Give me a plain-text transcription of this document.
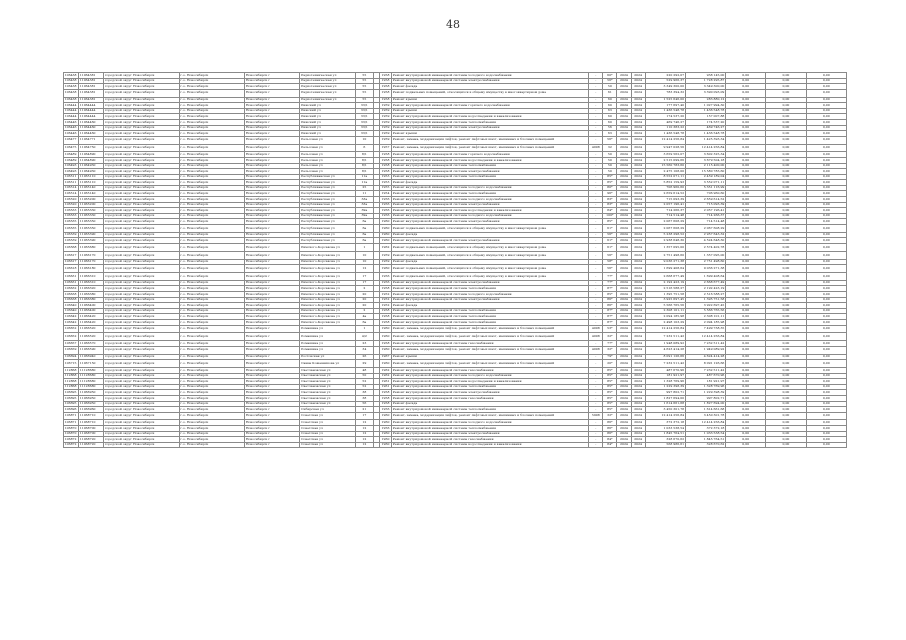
48
106438	11064381	городской округ Новосибирск	г.о. Новосибирск	Новосибирск г	Радиотехническая ул	55		1958	Ремонт внутридомовой инженерной системы холодного водоснабжения	-	60*	2024	2024	220 292,07	938 145,00	0,00	0,00	0,00
106438	11064381	городской округ Новосибирск	г.о. Новосибирск	Новосибирск г	Радиотехническая ул	55		1958	Ремонт внутридомовой инженерной системы электроснабжения	-	56*	2024	2024	529 966,37	1 728 295,87	0,00	0,00	0,00
106438	11064381	городской округ Новосибирск	г.о. Новосибирск	Новосибирск г	Радиотехническая ул	55		1958	Ремонт фасада	-	50	2024	2024	3 349 300,00	3 349 300,00	0,00	0,00	0,00
106438	11064381	городской округ Новосибирск	г.о. Новосибирск	Новосибирск г	Радиотехническая ул	55		1958	Ремонт подвальных помещений, относящихся к общему имуществу в многоквартирном доме	-	61	2024	2024	783 394,32	3 390 093,09	0,00	0,00	0,00
106438	11064381	городской округ Новосибирск	г.о. Новосибирск	Новосибирск г	Радиотехническая ул	55		1958	Ремонт крыши	-	60	2024	2024	1 525 646,00	283 880,12	0,00	0,00	0,00
106444	11064444	городской округ Новосибирск	г.о. Новосибирск	Новосибирск г	Рижский ул	33/1		1959	Ремонт внутридомовой инженерной системы горячего водоснабжения	-	60	2024	2024	177 697,40	1 027 994,30	0,00	0,00	0,00
106444	11064444	городской округ Новосибирск	г.о. Новосибирск	Новосибирск г	Рижский ул	33/1		1959	Ремонт крыши	-	63	2024	2024	1 436 548,78	1 436 548,78	0,00	0,00	0,00
106444	11064444	городской округ Новосибирск	г.о. Новосибирск	Новосибирск г	Рижский ул	33/1		1959	Ремонт внутридомовой инженерной системы водоотведения и канализования	-	60	2024	2024	174 537,20	157 007,88	0,00	0,00	0,00
106446	11064460	городской округ Новосибирск	г.о. Новосибирск	Новосибирск г	Рижский ул	33/1		1959	Ремонт внутридомовой инженерной системы теплоснабжения	-	60	2024	2024	469 746,27	174 537,20	0,00	0,00	0,00
106446	11064460	городской округ Новосибирск	г.о. Новосибирск	Новосибирск г	Рижский ул	33/1		1959	Ремонт внутридомовой инженерной системы электроснабжения	-	56	2024	2024	110 383,22	469 746,27	0,00	0,00	0,00
106446	11064460	городской округ Новосибирск	г.о. Новосибирск	Новосибирск г	Рижский ул	33/1		1959	Ремонт крыши	-	63	2024	2024	1 436 548,78	1 436 548,78	0,00	0,00	0,00
106477	11064771	городской округ Новосибирск	г.о. Новосибирск	Новосибирск г	Рельсовая ул	10		1959	Ремонт, замена, модернизация лифтов, ремонт лифтовых шахт, машинных и блочных помещений	-	56*	2024	2024	12 414 256,84	1 425 393,34	0,00	0,00	0,00
106475	11064750	городской округ Новосибирск	г.о. Новосибирск	Новосибирск г	Рельсовая ул	6		1957	Ремонт, замена, модернизация лифтов, ремонт лифтовых шахт, машинных и блочных помещений	4098	32	2024	2024	9 947 028,56	12 414 256,84	0,00	0,00	0,00
106489	11064890	городской округ Новосибирск	г.о. Новосибирск	Новосибирск г	Рельсовая ул	8/1		1958	Ремонт внутридомовой инженерной системы горячего водоснабжения	-	50	2024	2024	3 659 562,07	3 602 325,34	0,00	0,00	0,00
106489	11064890	городской округ Новосибирск	г.о. Новосибирск	Новосибирск г	Рельсовая ул	8/1		1958	Ремонт внутридомовой инженерной системы водоотведения и канализования	-	50	2024	2024	2 515 099,66	3 679 504,18	0,00	0,00	0,00
106493	11064930	городской округ Новосибирск	г.о. Новосибирск	Новосибирск г	Рельсовая ул	8/1		1958	Ремонт внутридомовой инженерной системы теплоснабжения	-	50	2024	2024	15 560 783,60	2 115 400,00	0,00	0,00	0,00
106493	11064930	городской округ Новосибирск	г.о. Новосибирск	Новосибирск г	Рельсовая ул	8/1		1958	Ремонт внутридомовой инженерной системы электроснабжения	-	50	2024	2024	2 475 108,00	15 580 783,60	0,00	0,00	0,00
106511	11065110	городской округ Новосибирск	г.о. Новосибирск	Новосибирск г	Республиканская ул	11a		1953	Ремонт внутридомовой инженерной системы теплоснабжения	-	85*	2024	2024	8 552 071,11	2 459 189,04	0,00	0,00	0,00
106511	11065110	городской округ Новосибирск	г.о. Новосибирск	Новосибирск г	Республиканская ул	11a		1953	Ремонт фасада	-	85*	2024	2024	5 852 159,93	3 552 071,11	0,00	0,00	0,00
106514	11065140	городской округ Новосибирск	г.о. Новосибирск	Новосибирск г	Республиканская ул	25		1955	Ремонт внутридомовой инженерной системы холодного водоснабжения	-	80*	2024	2024	706 960,60	5 351 116,99	0,00	0,00	0,00
106514	11065140	городской округ Новосибирск	г.о. Новосибирск	Новосибирск г	Республиканская ул	11		1954	Ремонт внутридомовой инженерной системы теплоснабжения	-	96*	2024	2024	2 659 614,52	706 960,60	0,00	0,00	0,00
106520	11065200	городской округ Новосибирск	г.о. Новосибирск	Новосибирск г	Республиканская ул	33a		1956	Ремонт внутридомовой инженерной системы холодного водоснабжения	-	83*	2024	2024	715 093,39	2 659 614,52	0,00	0,00	0,00
106520	11065200	городской округ Новосибирск	г.о. Новосибирск	Новосибирск г	Республиканская ул	33a		1956	Ремонт внутридомовой инженерной системы электроснабжения	-	83*	2024	2024	2 057 196,41	715 093,39	0,00	0,00	0,00
106533	11065330	городской округ Новосибирск	г.о. Новосибирск	Новосибирск г	Республиканская ул	39a		1956	Ремонт внутридомовой инженерной системы водоотведения и канализования	-	84*	2024	2024	714 266,37	2 057 196,41	0,00	0,00	0,00
106533	11065330	городской округ Новосибирск	г.о. Новосибирск	Новосибирск г	Республиканская ул	39a		1956	Ремонт внутридомовой инженерной системы холодного водоснабжения	-	100*	2024	2024	714 514,48	714 266,37	0,00	0,00	0,00
106535	11065350	городской округ Новосибирск	г.о. Новосибирск	Новосибирск г	Республиканская ул	6a		1960	Ремонт внутридомовой инженерной системы электроснабжения	-	85*	2024	2024	2 067 608,29	714 514,48	0,00	0,00	0,00
106535	11065350	городской округ Новосибирск	г.о. Новосибирск	Новосибирск г	Республиканская ул	6a		1960	Ремонт подвальных помещений, относящихся к общему имуществу в многоквартирном доме	-	61*	2024	2024	2 067 608,29	2 067 608,29	0,00	0,00	0,00
106539	11065390	городской округ Новосибирск	г.о. Новосибирск	Новосибирск г	Республиканская ул	6a		1960	Ремонт фасада	-	56*	2024	2024	5 238 298,52	2 957 643,32	0,00	0,00	0,00
106539	11065390	городской округ Новосибирск	г.о. Новосибирск	Новосибирск г	Республиканская ул	6a		1960	Ремонт внутридомовой инженерной системы электроснабжения	-	61*	2024	2024	2 938 648,30	4 524 648,30	0,00	0,00	0,00
106568	11065680	городской округ Новосибирск	г.о. Новосибирск	Новосибирск г	Римского-Корсакова ул	1		1962	Ремонт подвальных помещений, относящихся к общему имуществу в многоквартирном доме	-	61*	2024	2024	1 357 095,00	2 574 402,78	0,00	0,00	0,00
106617	11066170	городской округ Новосибирск	г.о. Новосибирск	Новосибирск г	Римского-Корсакова ул	10		1959	Ремонт подвальных помещений, относящихся к общему имуществу в многоквартирном доме	-	56*	2024	2024	2 751 498,60	1 357 095,00	0,00	0,00	0,00
106617	11066170	городской округ Новосибирск	г.о. Новосибирск	Новосибирск г	Римского-Корсакова ул	10		1959	Ремонт фасада	-	58*	2024	2024	9 036 271,38	2 751 498,60	0,00	0,00	0,00
106618	11066180	городской округ Новосибирск	г.о. Новосибирск	Новосибирск г	Римского-Корсакова ул	12		1960	Ремонт подвальных помещений, относящихся к общему имуществу в многоквартирном доме	-	56*	2024	2024	1 699 408,64	9 036 271,38	0,00	0,00	0,00
106631	11066310	городской округ Новосибирск	г.о. Новосибирск	Новосибирск г	Римского-Корсакова ул	17		1956	Ремонт подвальных помещений, относящихся к общему имуществу в многоквартирном доме	-	77*	2024	2024	2 668 677,49	1 699 408,64	0,00	0,00	0,00
106631	11066310	городской округ Новосибирск	г.о. Новосибирск	Новосибирск г	Римского-Корсакова ул	17		1956	Ремонт внутридомовой инженерной системы электроснабжения	-	77*	2024	2024	2 192 423,19	2 668 677,49	0,00	0,00	0,00
106632	11066320	городской округ Новосибирск	г.о. Новосибирск	Новосибирск г	Римского-Корсакова ул	2		1958	Ремонт внутридомовой инженерной системы теплоснабжения	-	87*	2024	2024	2 516 588,27	2 192 423,19	0,00	0,00	0,00
106638	11066380	городской округ Новосибирск	г.о. Новосибирск	Новосибирск г	Римского-Корсакова ул	20		1952	Ремонт внутридомовой инженерной системы холодного водоснабжения	-	85*	2024	2024	1 395 751,58	2 516 588,27	0,00	0,00	0,00
106638	11066380	городской округ Новосибирск	г.о. Новосибирск	Новосибирск г	Римского-Корсакова ул	20		1952	Ремонт внутридомовой инженерной системы электроснабжения	-	86*	2024	2024	3 925 697,45	1 395 751,58	0,00	0,00	0,00
106640	11066400	городской округ Новосибирск	г.о. Новосибирск	Новосибирск г	Римского-Корсакова ул	20		1952	Ремонт фасада	-	86*	2024	2024	5 566 765,56	3 922 697,45	0,00	0,00	0,00
106640	11066400	городской округ Новосибирск	г.о. Новосибирск	Новосибирск г	Римского-Корсакова ул	2		1958	Ремонт внутридомовой инженерной системы теплоснабжения	-	87*	2024	2024	2 308 101,11	5 566 765,56	0,00	0,00	0,00
106642	11066420	городской округ Новосибирск	г.о. Новосибирск	Новосибирск г	Римского-Корсакова ул	4a		1958	Ремонт внутридомовой инженерной системы теплоснабжения	-	87*	2024	2024	2 094 185,98	2 308 101,11	0,00	0,00	0,00
106642	11066420	городской округ Новосибирск	г.о. Новосибирск	Новосибирск г	Римского-Корсакова ул	6a		1958	Ремонт внутридомовой инженерной системы теплоснабжения	-	87*	2024	2024	2 498 103,29	2 094 185,98	0,00	0,00	0,00
106652	11066520	городской округ Новосибирск	г.о. Новосибирск	Новосибирск г	Ромашина ул	1		1960	Ремонт, замена, модернизация лифтов, ремонт лифтовых шахт, машинных и блочных помещений	4098	53*	2024	2024	12 414 256,84	7 499 738,35	0,00	0,00	0,00
106652	11066520	городской округ Новосибирск	г.о. Новосибирск	Новосибирск г	Ромашина ул	4/2		1960	Ремонт, замена, модернизация лифтов, ремонт лифтовых шахт, машинных и блочных помещений	4098	32*	2024	2024	7 232 511,42	12 414 256,84	0,00	0,00	0,00
106657	11066570	городской округ Новосибирск	г.о. Новосибирск	Новосибирск г	Ромашина ул	23		1958	Ремонт внутридомовой инженерной системы газоснабжения	-	77*	2024	2024	1 948 089,92	7 232 511,42	0,00	0,00	0,00
106659	11066590	городской округ Новосибирск	г.о. Новосибирск	Новосибирск г	Ромашина ул	34		1960	Ремонт, замена, модернизация лифтов, ремонт лифтовых шахт, машинных и блочных помещений	4098	32*	2024	2024	4 623 414,28	1 949 089,92	0,00	0,00	0,00
106694	11066940	городской округ Новосибирск	г.о. Новосибирск	Новосибирск г	Ростовская ул	26		1967	Ремонт крыши	-	79*	2024	2024	8 091 126,66	4 624 414,28	0,00	0,00	0,00
106715	11067150	городской округ Новосибирск	г.о. Новосибирск	Новосибирск г	Саввы Кожевникова ул	29		1960	Ремонт, замена, модернизация лифтов, ремонт лифтовых шахт, машинных и блочных помещений	-	20*	2024	2024	7 232 511,42	8 091 126,66	0,00	0,00	0,00
112868	11128680	городской округ Новосибирск	г.о. Новосибирск	Новосибирск г	Светлановская ул	48		1962	Ремонт внутридомовой инженерной системы газоснабжения	-	85*	2024	2024	487 670,96	7 232 511,42	0,00	0,00	0,00
112868	11128680	городской округ Новосибирск	г.о. Новосибирск	Новосибирск г	Светлановская ул	50		1962	Ремонт внутридомовой инженерной системы холодного водоснабжения	-	85*	2024	2024	181 921,97	487 670,96	0,00	0,00	0,00
112868	11128680	городской округ Новосибирск	г.о. Новосибирск	Новосибирск г	Светлановская ул	52		1961	Ремонт внутридомовой инженерной системы водоотведения и канализования	-	85*	2024	2024	1 328 769,96	181 921,97	0,00	0,00	0,00
112868	11128680	городской округ Новосибирск	г.о. Новосибирск	Новосибирск г	Светлановская ул	52		1961	Ремонт внутридомовой инженерной системы теплоснабжения	-	85*	2024	2024	1 229 398,39	1 328 769,96	0,00	0,00	0,00
106695	11066950	городской округ Новосибирск	г.о. Новосибирск	Новосибирск г	Светлановская ул	38		1958	Ремонт внутридомовой инженерной системы электроснабжения	-	85*	2024	2024	997 802,71	1 229 398,39	0,00	0,00	0,00
106695	11066950	городской округ Новосибирск	г.о. Новосибирск	Новосибирск г	Светлановская ул	38		1958	Ремонт внутридомовой инженерной системы газоснабжения	-	85*	2024	2024	1 827 694,00	997 802,71	0,00	0,00	0,00
106695	11066950	городской округ Новосибирск	г.о. Новосибирск	Новосибирск г	Светлановская ул	56		1958	Ремонт фасада	-	85*	2024	2024	1 614 661,68	1 827 694,00	0,00	0,00	0,00
106696	11066960	городской округ Новосибирск	г.о. Новосибирск	Новосибирск г	Сибирская ул	21		1956	Ремонт внутридомовой инженерной системы теплоснабжения	-	85*	2024	2024	3 450 301,78	1 614 661,68	0,00	0,00	0,00
106871	11068710	городской округ Новосибирск	г.о. Новосибирск	Новосибирск г	Советская ул	17		1960	Ремонт, замена, модернизация лифтов, ремонт лифтовых шахт, машинных и блочных помещений	5998	32*	2024	2024	12 414 256,84	3 450 301,78	0,00	0,00	0,00
106871	11068710	городской округ Новосибирск	г.о. Новосибирск	Новосибирск г	Советская ул	12		1960	Ремонт внутридомовой инженерной системы холодного водоснабжения	-	86*	2024	2024	372 372,18	12 414 256,84	0,00	0,00	0,00
106870	11068700	городской округ Новосибирск	г.о. Новосибирск	Новосибирск г	Советская ул	12		1956	Ремонт внутридомовой инженерной системы теплоснабжения	-	86*	2024	2024	1 033 538,54	372 372,18	0,00	0,00	0,00
106870	11068700	городской округ Новосибирск	г.о. Новосибирск	Новосибирск г	Советская ул	12		1960	Ремонт внутридомовой инженерной системы электроснабжения	-	86*	2024	2024	1 845 764,51	1 033 538,54	0,00	0,00	0,00
106872	11068720	городской округ Новосибирск	г.о. Новосибирск	Новосибирск г	Советская ул	12		1960	Ремонт внутридомовой инженерной системы газоснабжения	-	84*	2024	2024	328 670,62	1 845 764,51	0,00	0,00	0,00
106872	11068720	городской округ Новосибирск	г.о. Новосибирск	Новосибирск г	Советская ул	12		1960	Ремонт внутридомовой инженерной системы водоотведения и канализования	-	84*	2024	2024	568 986,61	328 670,62	0,00	0,00	0,00
